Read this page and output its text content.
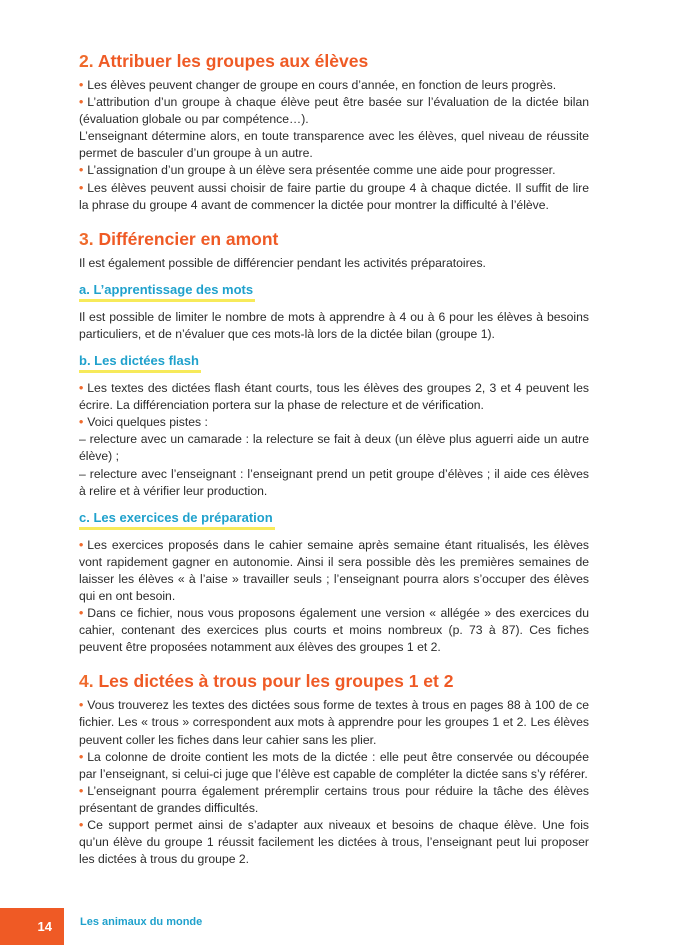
2. Attribuer les groupes aux élèves

• Les élèves peuvent changer de groupe en cours d’année, en fonction de leurs progrès.

• L’attribution d’un groupe à chaque élève peut être basée sur l’évaluation de la dictée bilan (évaluation globale ou par compétence…).

L’enseignant détermine alors, en toute transparence avec les élèves, quel niveau de réussite permet de basculer d’un groupe à un autre.

• L’assignation d’un groupe à un élève sera présentée comme une aide pour progresser.

• Les élèves peuvent aussi choisir de faire partie du groupe 4 à chaque dictée. Il suffit de lire la phrase du groupe 4 avant de commencer la dictée pour montrer la difficulté à l’élève.

3. Différencier en amont

Il est également possible de différencier pendant les activités préparatoires.

a. L’apprentissage des mots

Il est possible de limiter le nombre de mots à apprendre à 4 ou à 6 pour les élèves à besoins particuliers, et de n’évaluer que ces mots-là lors de la dictée bilan (groupe 1).

b. Les dictées flash

• Les textes des dictées flash étant courts, tous les élèves des groupes 2, 3 et 4 peuvent les écrire. La différenciation portera sur la phase de relecture et de vérification.

• Voici quelques pistes :

– relecture avec un camarade : la relecture se fait à deux (un élève plus aguerri aide un autre élève) ;

– relecture avec l’enseignant : l’enseignant prend un petit groupe d’élèves ; il aide ces élèves à relire et à vérifier leur production.

c. Les exercices de préparation

• Les exercices proposés dans le cahier semaine après semaine étant ritualisés, les élèves vont rapidement gagner en autonomie. Ainsi il sera possible dès les premières semaines de laisser les élèves « à l’aise » travailler seuls ; l’enseignant pourra alors s’occuper des élèves qui en ont besoin.

• Dans ce fichier, nous vous proposons également une version « allégée » des exercices du cahier, contenant des exercices plus courts et moins nombreux (p. 73 à 87). Ces fiches peuvent être proposées notamment aux élèves des groupes 1 et 2.

4. Les dictées à trous pour les groupes 1 et 2

• Vous trouverez les textes des dictées sous forme de textes à trous en pages 88 à 100 de ce fichier. Les « trous » correspondent aux mots à apprendre pour les groupes 1 et 2. Les élèves peuvent coller les fiches dans leur cahier sans les plier.

• La colonne de droite contient les mots de la dictée : elle peut être conservée ou découpée par l’enseignant, si celui-ci juge que l’élève est capable de compléter la dictée sans s’y référer.

• L’enseignant pourra également préremplir certains trous pour réduire la tâche des élèves présentant de grandes difficultés.

• Ce support permet ainsi de s’adapter aux niveaux et besoins de chaque élève. Une fois qu’un élève du groupe 1 réussit facilement les dictées à trous, l’enseignant peut lui proposer les dictées à trous du groupe 2.

14	Les animaux du monde
